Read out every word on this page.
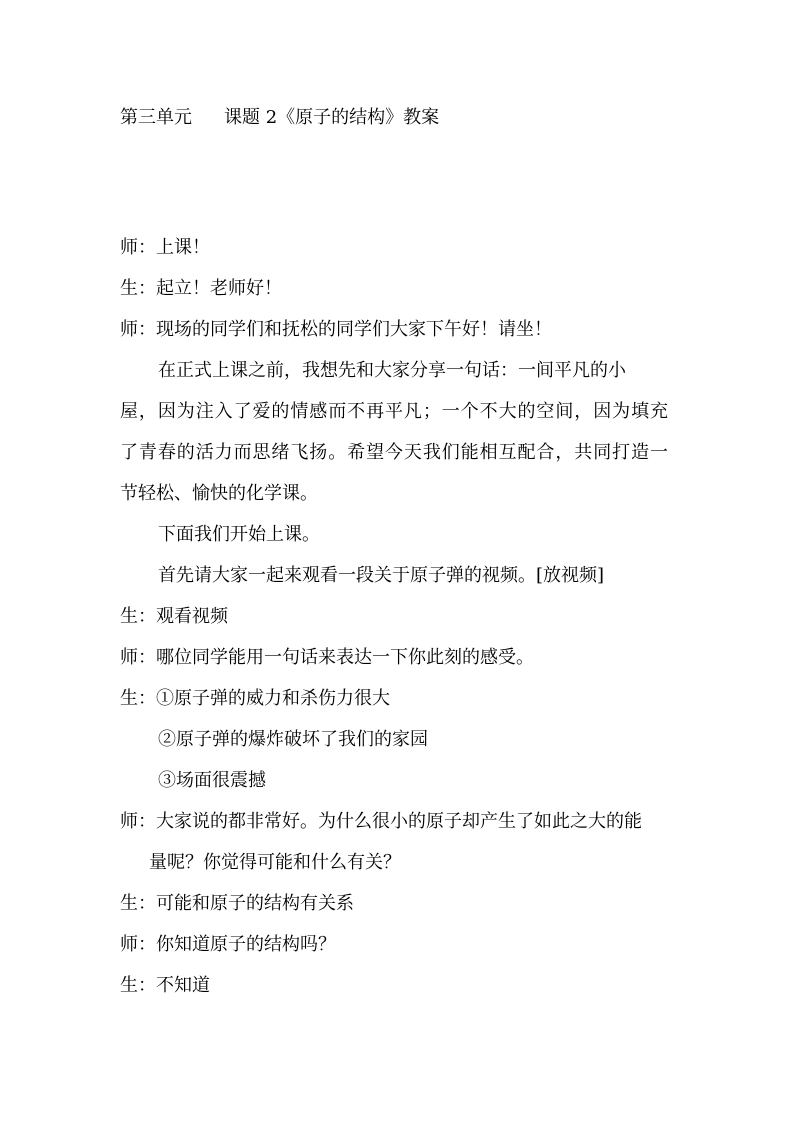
第三单元 课题 2《原子的结构》教案
师：上课！
生：起立！老师好！
师：现场的同学们和抚松的同学们大家下午好！请坐！
在正式上课之前，我想先和大家分享一句话：一间平凡的小
屋，因为注入了爱的情感而不再平凡；一个不大的空间，因为填充
了青春的活力而思绪飞扬。希望今天我们能相互配合，共同打造一
节轻松、愉快的化学课。
下面我们开始上课。
首先请大家一起来观看一段关于原子弹的视频。[放视频]
生：观看视频
师：哪位同学能用一句话来表达一下你此刻的感受。
生：①原子弹的威力和杀伤力很大
②原子弹的爆炸破坏了我们的家园
③场面很震撼
师：大家说的都非常好。为什么很小的原子却产生了如此之大的能
量呢？你觉得可能和什么有关？
生：可能和原子的结构有关系
师：你知道原子的结构吗？
生：不知道
